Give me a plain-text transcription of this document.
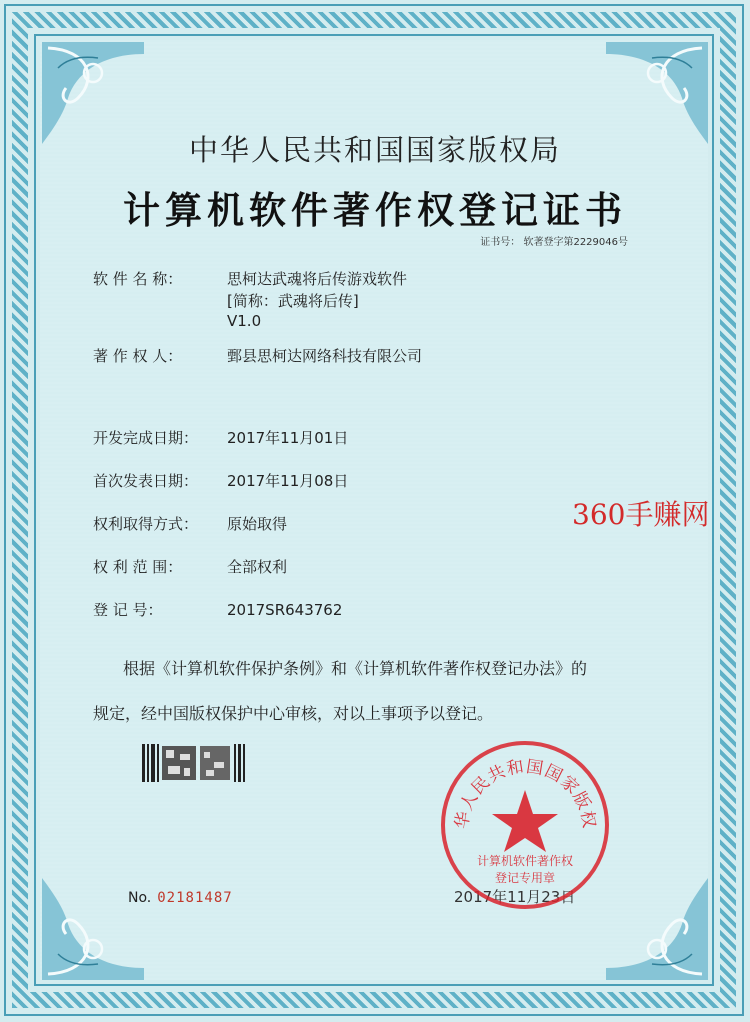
中华人民共和国国家版权局
计算机软件著作权登记证书
证书号： 软著登字第2229046号
软 件 名 称：	思柯达武魂将后传游戏软件
[简称：武魂将后传]
V1.0
著 作 权 人：	鄄县思柯达网络科技有限公司
开发完成日期： 2017年11月01日
首次发表日期： 2017年11月08日
权利取得方式： 原始取得
权 利 范 围：	全部权利
登 记 号：	2017SR643762
360手赚网
根据《计算机软件保护条例》和《计算机软件著作权登记办法》的
规定，经中国版权保护中心审核，对以上事项予以登记。
No. 02181487	2017年11月23日
华人民共和国国家版权
计算机软件著作权
登记专用章
